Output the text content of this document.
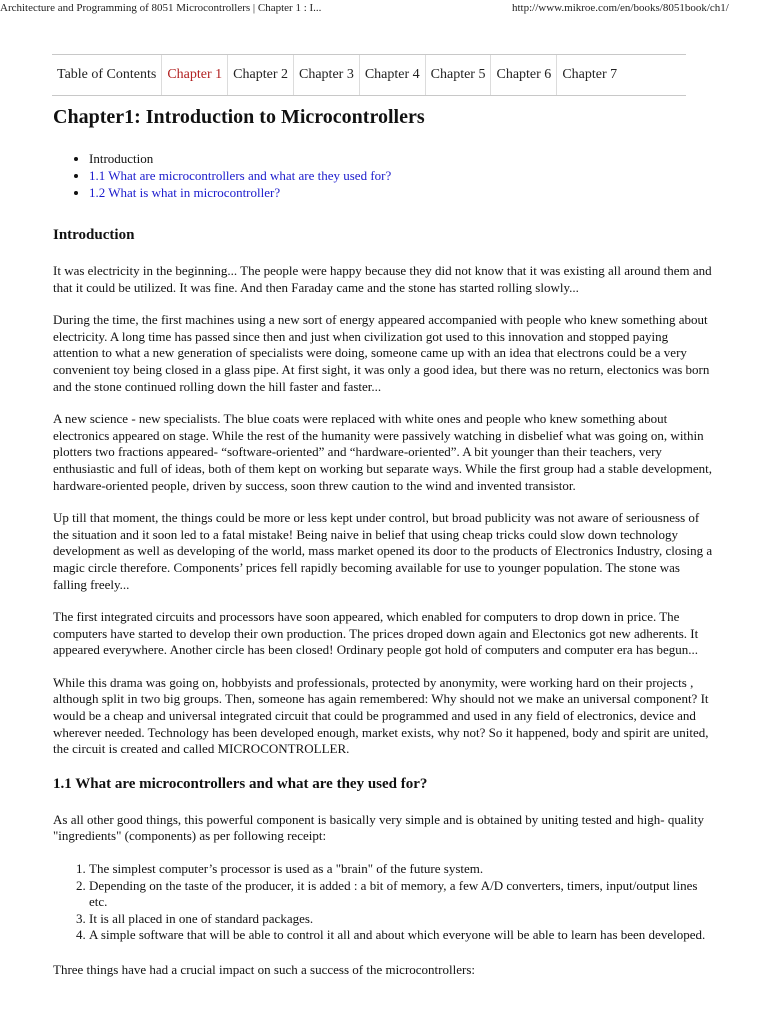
Architecture and Programming of 8051 Microcontrollers | Chapter 1 : I...	http://www.mikroe.com/en/books/8051book/ch1/
Table of Contents Chapter 1 Chapter 2 Chapter 3 Chapter 4 Chapter 5 Chapter 6 Chapter 7
Chapter1: Introduction to Microcontrollers
• Introduction
• 1.1 What are microcontrollers and what are they used for?
• 1.2 What is what in microcontroller?
Introduction

It was electricity in the beginning... The people were happy because they did not know that it was existing all around them and that it could be utilized. It was fine. And then Faraday came and the stone has started rolling slowly...

During the time, the first machines using a new sort of energy appeared accompanied with people who knew something about electricity. A long time has passed since then and just when civilization got used to this innovation and stopped paying attention to what a new generation of specialists were doing, someone came up with an idea that electrons could be a very convenient toy being closed in a glass pipe. At first sight, it was only a good idea, but there was no return, electonics was born and the stone continued rolling down the hill faster and faster...

A new science - new specialists. The blue coats were replaced with white ones and people who knew something about electronics appeared on stage. While the rest of the humanity were passively watching in disbelief what was going on, within plotters two fractions appeared- “software-oriented” and “hardware-oriented”. A bit younger than their teachers, very enthusiastic and full of ideas, both of them kept on working but separate ways. While the first group had a stable development, hardware-oriented people, driven by success, soon threw caution to the wind and invented transistor.

Up till that moment, the things could be more or less kept under control, but broad publicity was not aware of seriousness of the situation and it soon led to a fatal mistake! Being naive in belief that using cheap tricks could slow down technology development as well as developing of the world, mass market opened its door to the products of Electronics Industry, closing a magic circle therefore. Components’ prices fell rapidly becoming available for use to younger population. The stone was falling freely...

The first integrated circuits and processors have soon appeared, which enabled for computers to drop down in price. The computers have started to develop their own production. The prices droped down again and Electonics got new adherents. It appeared everywhere. Another circle has been closed! Ordinary people got hold of computers and computer era has begun...

While this drama was going on, hobbyists and professionals, protected by anonymity, were working hard on their projects , although split in two big groups. Then, someone has again remembered: Why should not we make an universal component? It would be a cheap and universal integrated circuit that could be programmed and used in any field of electronics, device and wherever needed. Technology has been developed enough, market exists, why not? So it happened, body and spirit are united, the circuit is created and called MICROCONTROLLER.

1.1 What are microcontrollers and what are they used for?

As all other good things, this powerful component is basically very simple and is obtained by uniting tested and high- quality "ingredients" (components) as per following receipt:

1. The simplest computer’s processor is used as a "brain" of the future system.
2. Depending on the taste of the producer, it is added : a bit of memory, a few A/D converters, timers, input/output lines etc.
3. It is all placed in one of standard packages.
4. A simple software that will be able to control it all and about which everyone will be able to learn has been developed.

Three things have had a crucial impact on such a success of the microcontrollers:
